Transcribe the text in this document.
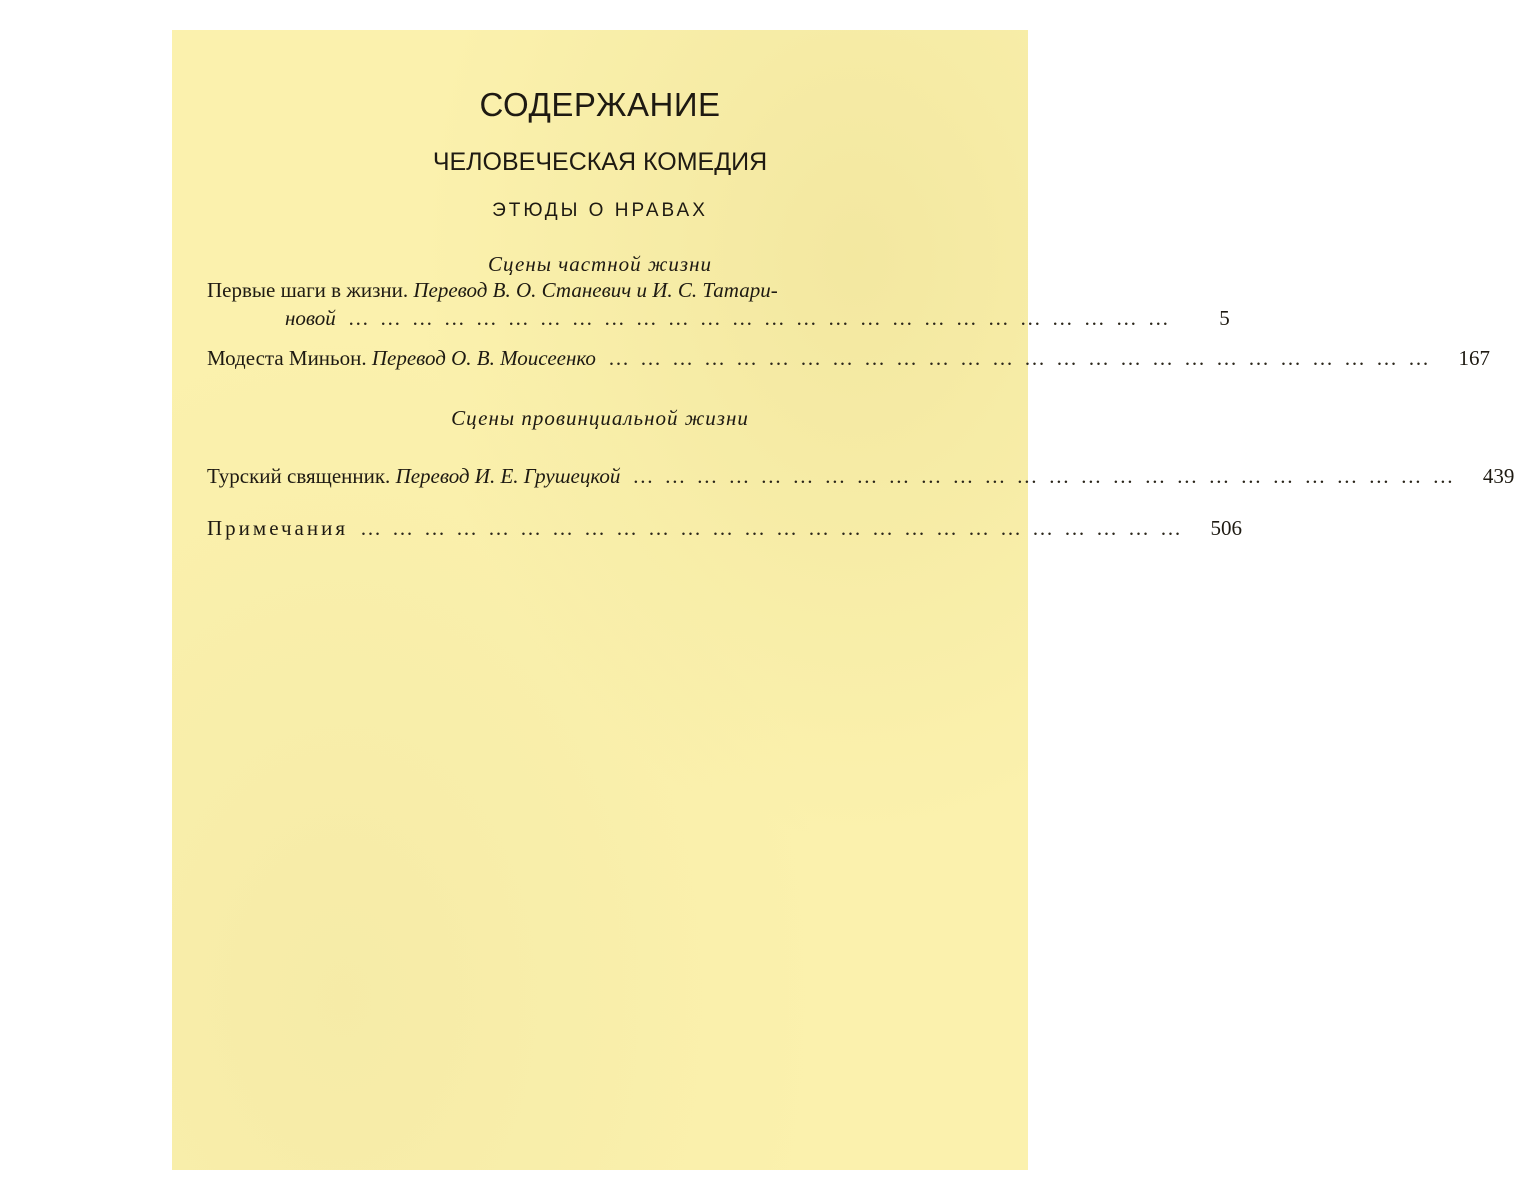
СОДЕРЖАНИЕ
ЧЕЛОВЕЧЕСКАЯ КОМЕДИЯ
ЭТЮДЫ О НРАВАХ
Сцены частной жизни
Первые шаги в жизни. Перевод В. О. Станевич и И. С. Татари-
новой ……………………………………………………………………	5
Модеста Миньон. Перевод О. В. Моисеенко …………………………………………………………………… 167
Сцены провинциальной жизни
Турский священник. Перевод И. Е. Грушецкой …………………………………………………………………… 439
Примечания …………………………………………………………………… 506
